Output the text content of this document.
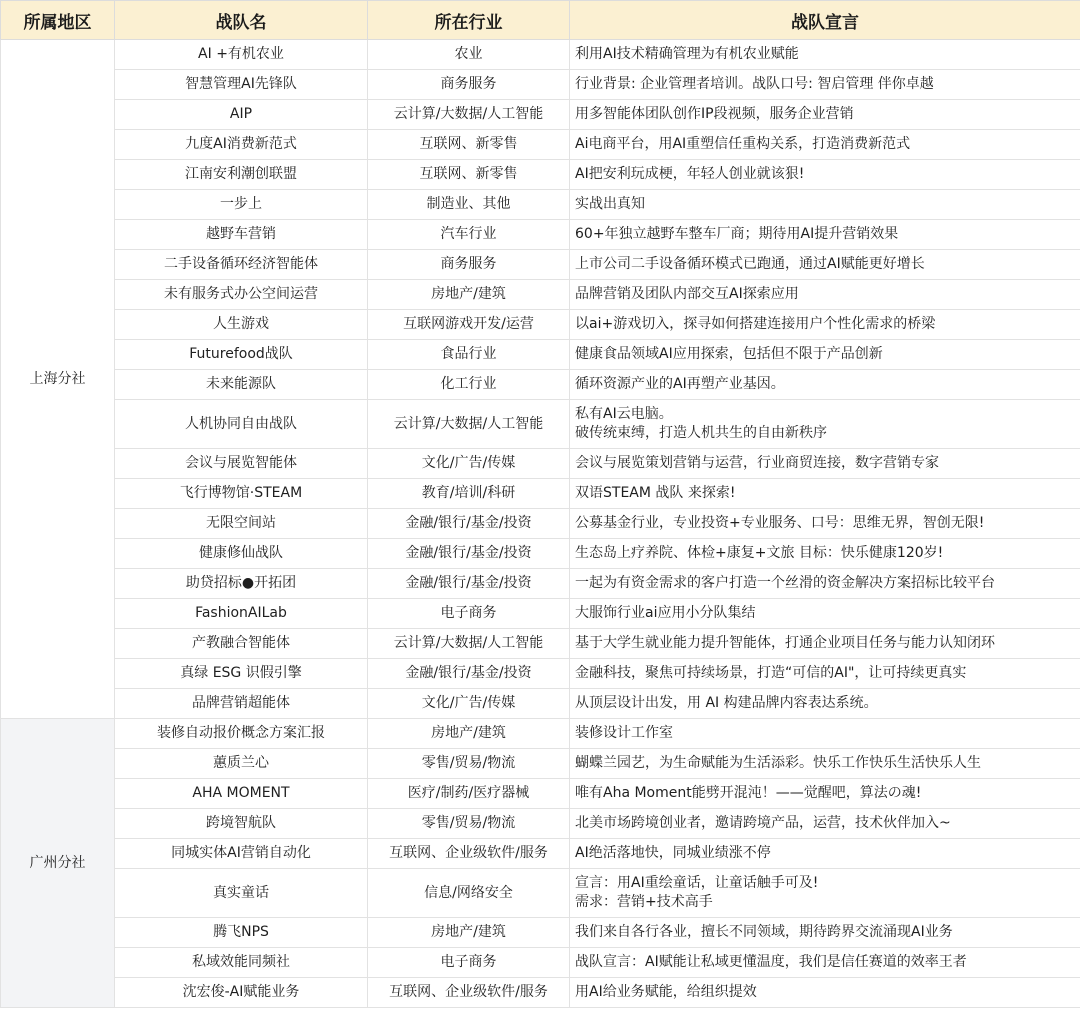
所属地区	战队名	所在行业	战队宣言
上海分社	AI +有机农业	农业	利用AI技术精确管理为有机农业赋能

	智慧管理AI先锋队	商务服务	行业背景: 企业管理者培训。战队口号: 智启管理 伴你卓越

	AIP	云计算/大数据/人工智能	用多智能体团队创作IP段视频，服务企业营销

	九度AI消费新范式	互联网、新零售	Ai电商平台，用AI重塑信任重构关系，打造消费新范式

	江南安利潮创联盟	互联网、新零售	AI把安利玩成梗，年轻人创业就该狠!

	一步上	制造业、其他	实战出真知

	越野车营销	汽车行业	60+年独立越野车整车厂商；期待用AI提升营销效果

	二手设备循环经济智能体	商务服务	上市公司二手设备循环模式已跑通，通过AI赋能更好增长

	未有服务式办公空间运营	房地产/建筑	品牌营销及团队内部交互AI探索应用

	人生游戏	互联网游戏开发/运营	以ai+游戏切入，探寻如何搭建连接用户个性化需求的桥梁

	Futurefood战队	食品行业	健康食品领域AI应用探索，包括但不限于产品创新

	未来能源队	化工行业	循环资源产业的AI再塑产业基因。

	人机协同自由战队	云计算/大数据/人工智能	私有AI云电脑。
破传统束缚，打造人机共生的自由新秩序

	会议与展览智能体	文化/广告/传媒	会议与展览策划营销与运营，行业商贸连接，数字营销专家

	飞行博物馆·STEAM	教育/培训/科研	双语STEAM 战队 来探索!

	无限空间站	金融/银行/基金/投资	公募基金行业，专业投资+专业服务、口号：思维无界，智创无限!

	健康修仙战队	金融/银行/基金/投资	生态岛上疗养院、体检+康复+文旅 目标：快乐健康120岁!

	助贷招标●开拓团	金融/银行/基金/投资	一起为有资金需求的客户打造一个丝滑的资金解决方案招标比较平台

	FashionAILab	电子商务	大服饰行业ai应用小分队集结

	产教融合智能体	云计算/大数据/人工智能	基于大学生就业能力提升智能体，打通企业项目任务与能力认知闭环

	真绿 ESG 识假引擎	金融/银行/基金/投资	金融科技，聚焦可持续场景，打造“可信的AI"，让可持续更真实

	品牌营销超能体	文化/广告/传媒	从顶层设计出发，用 AI 构建品牌内容表达系统。

广州分社	装修自动报价概念方案汇报	房地产/建筑	装修设计工作室

	蕙质兰心	零售/贸易/物流	蝴蝶兰园艺，为生命赋能为生活添彩。快乐工作快乐生活快乐人生

	AHA MOMENT	医疗/制药/医疗器械	唯有Aha Moment能劈开混沌！——觉醒吧，算法の魂!

	跨境智航队	零售/贸易/物流	北美市场跨境创业者，邀请跨境产品，运营，技术伙伴加入~

	同城实体AI营销自动化	互联网、企业级软件/服务	AI绝活落地快，同城业绩涨不停

	真实童话	信息/网络安全	宣言：用AI重绘童话，让童话触手可及!
需求：营销+技术高手

	腾飞NPS	房地产/建筑	我们来自各行各业，擅长不同领域，期待跨界交流涌现AI业务

	私域效能同频社	电子商务	战队宣言：AI赋能让私域更懂温度，我们是信任赛道的效率王者

	沈宏俊-AI赋能业务	互联网、企业级软件/服务	用AI给业务赋能，给组织提效
